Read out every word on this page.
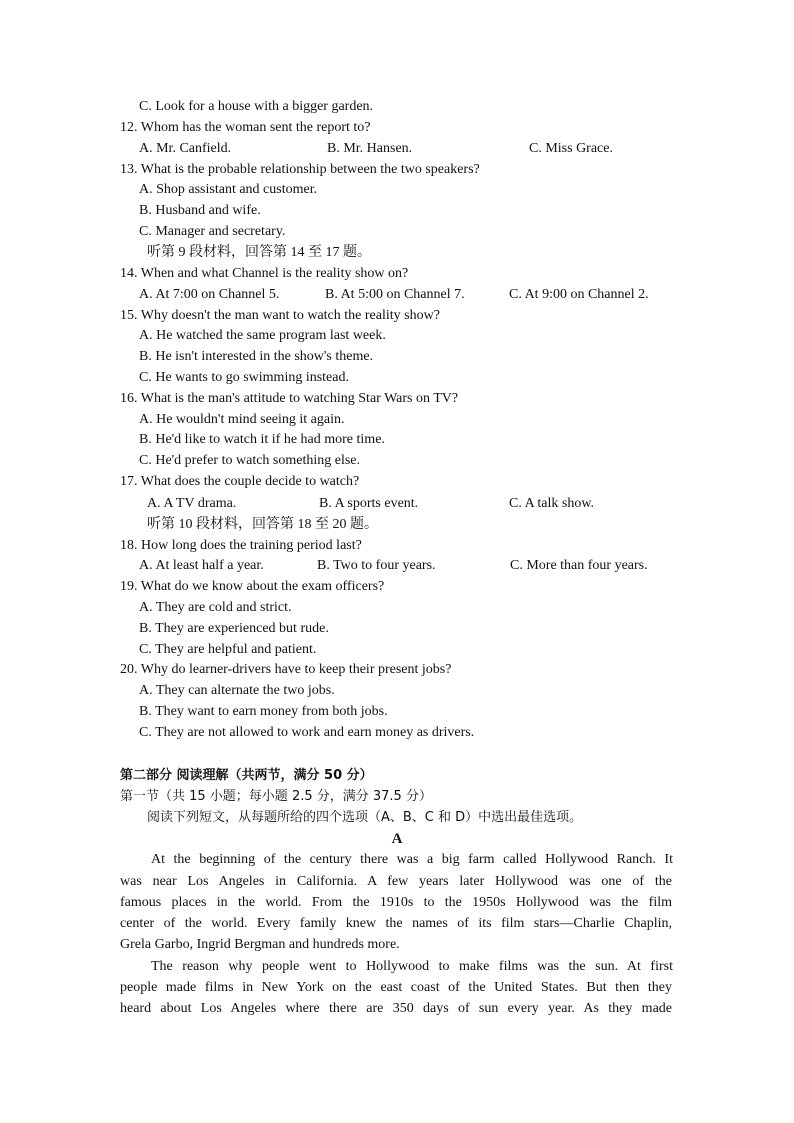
C. Look for a house with a bigger garden.
12. Whom has the woman sent the report to?
A. Mr. Canfield.	B. Mr. Hansen.	C. Miss Grace.
13. What is the probable relationship between the two speakers?
A. Shop assistant and customer.
B. Husband and wife.
C. Manager and secretary.
听第 9 段材料，回答第 14 至 17 题。
14. When and what Channel is the reality show on?
A. At 7:00 on Channel 5.	B. At 5:00 on Channel 7.	C. At 9:00 on Channel 2.
15. Why doesn't the man want to watch the reality show?
A. He watched the same program last week.
B. He isn't interested in the show's theme.
C. He wants to go swimming instead.
16. What is the man's attitude to watching Star Wars on TV?
A. He wouldn't mind seeing it again.
B. He'd like to watch it if he had more time.
C. He'd prefer to watch something else.
17. What does the couple decide to watch?
A. A TV drama.	B. A sports event.	C. A talk show.
听第 10 段材料，回答第 18 至 20 题。
18. How long does the training period last?
A. At least half a year.	B. Two to four years.	C. More than four years.
19. What do we know about the exam officers?
A. They are cold and strict.
B. They are experienced but rude.
C. They are helpful and patient.
20. Why do learner-drivers have to keep their present jobs?
A. They can alternate the two jobs.
B. They want to earn money from both jobs.
C. They are not allowed to work and earn money as drivers.
第二部分 阅读理解（共两节，满分 50 分）
第一节（共 15 小题；每小题 2.5 分，满分 37.5 分）
阅读下列短文，从每题所给的四个选项（A、B、C 和 D）中选出最佳选项。
A
At the beginning of the century there was a big farm called Hollywood Ranch. It
was near Los Angeles in California. A few years later Hollywood was one of the
famous places in the world. From the 1910s to the 1950s Hollywood was the film
center of the world. Every family knew the names of its film stars—Charlie Chaplin,
Grela Garbo, Ingrid Bergman and hundreds more.
The reason why people went to Hollywood to make films was the sun. At first
people made films in New York on the east coast of the United States. But then they
heard about Los Angeles where there are 350 days of sun every year. As they made
